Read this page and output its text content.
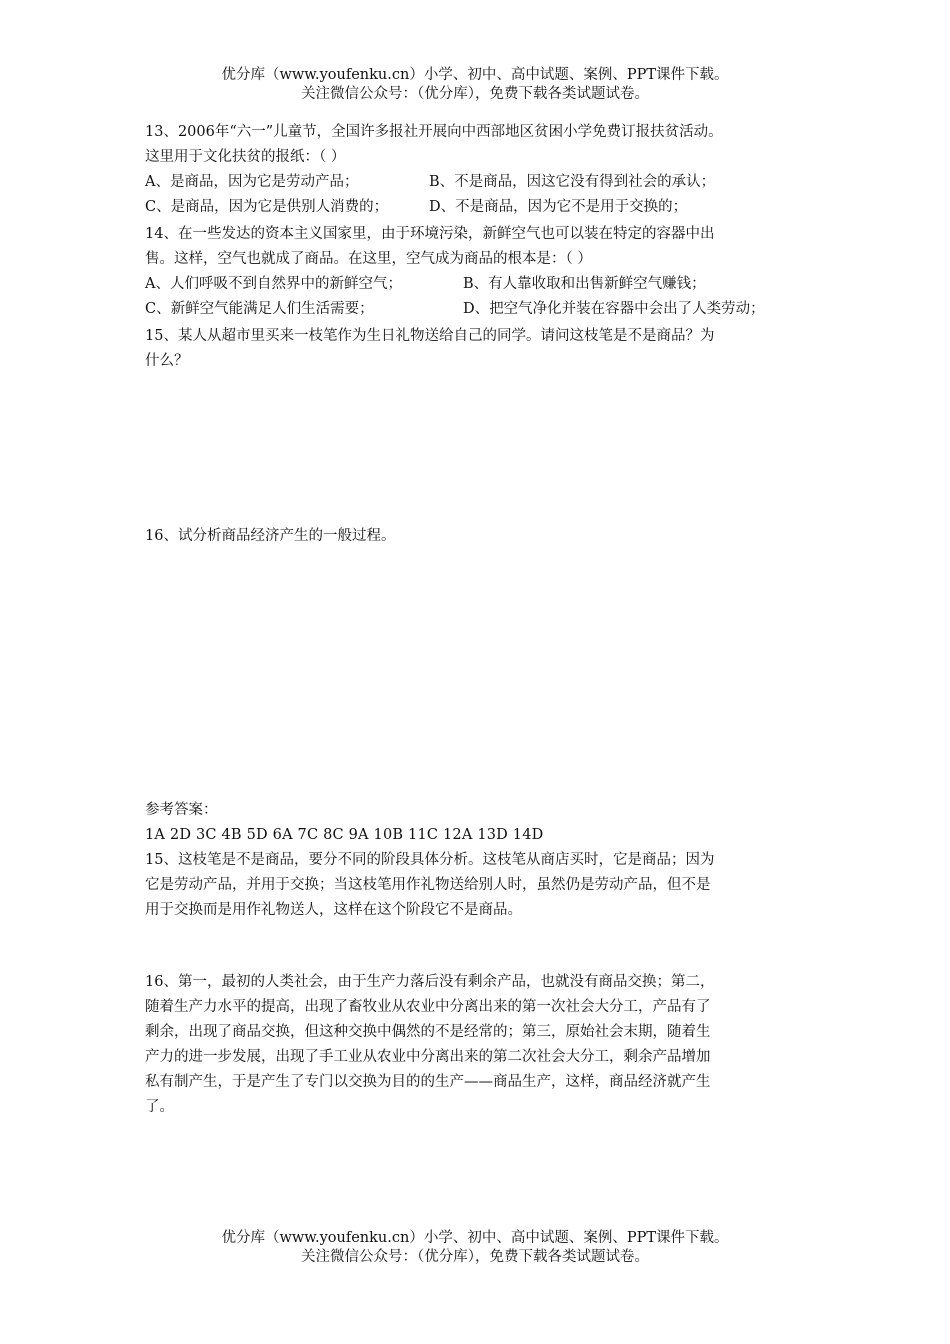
优分库（www.youfenku.cn）小学、初中、高中试题、案例、PPT课件下载。
关注微信公众号：（优分库），免费下载各类试题试卷。
13、2006年“六一”儿童节，全国许多报社开展向中西部地区贫困小学免费订报扶贫活动。
这里用于文化扶贫的报纸：（ ）
A、是商品，因为它是劳动产品；	B、不是商品，因这它没有得到社会的承认；
C、是商品，因为它是供别人消费的；	D、不是商品，因为它不是用于交换的；
14、在一些发达的资本主义国家里，由于环境污染，新鲜空气也可以装在特定的容器中出
售。这样，空气也就成了商品。在这里，空气成为商品的根本是：（ ）
A、人们呼吸不到自然界中的新鲜空气；	B、有人靠收取和出售新鲜空气赚钱；
C、新鲜空气能满足人们生活需要；	D、把空气净化并装在容器中会出了人类劳动；
15、某人从超市里买来一枝笔作为生日礼物送给自己的同学。请问这枝笔是不是商品？为
什么？
16、试分析商品经济产生的一般过程。
参考答案：
1A 2D 3C 4B 5D 6A 7C 8C 9A 10B 11C 12A 13D 14D
15、这枝笔是不是商品，要分不同的阶段具体分析。这枝笔从商店买时，它是商品；因为
它是劳动产品，并用于交换；当这枝笔用作礼物送给别人时，虽然仍是劳动产品，但不是
用于交换而是用作礼物送人，这样在这个阶段它不是商品。
16、第一，最初的人类社会，由于生产力落后没有剩余产品，也就没有商品交换；第二，
随着生产力水平的提高，出现了畜牧业从农业中分离出来的第一次社会大分工，产品有了
剩余，出现了商品交换，但这种交换中偶然的不是经常的；第三，原始社会末期，随着生
产力的进一步发展，出现了手工业从农业中分离出来的第二次社会大分工，剩余产品增加
私有制产生，于是产生了专门以交换为目的的生产——商品生产，这样，商品经济就产生
了。
优分库（www.youfenku.cn）小学、初中、高中试题、案例、PPT课件下载。
关注微信公众号：（优分库），免费下载各类试题试卷。
